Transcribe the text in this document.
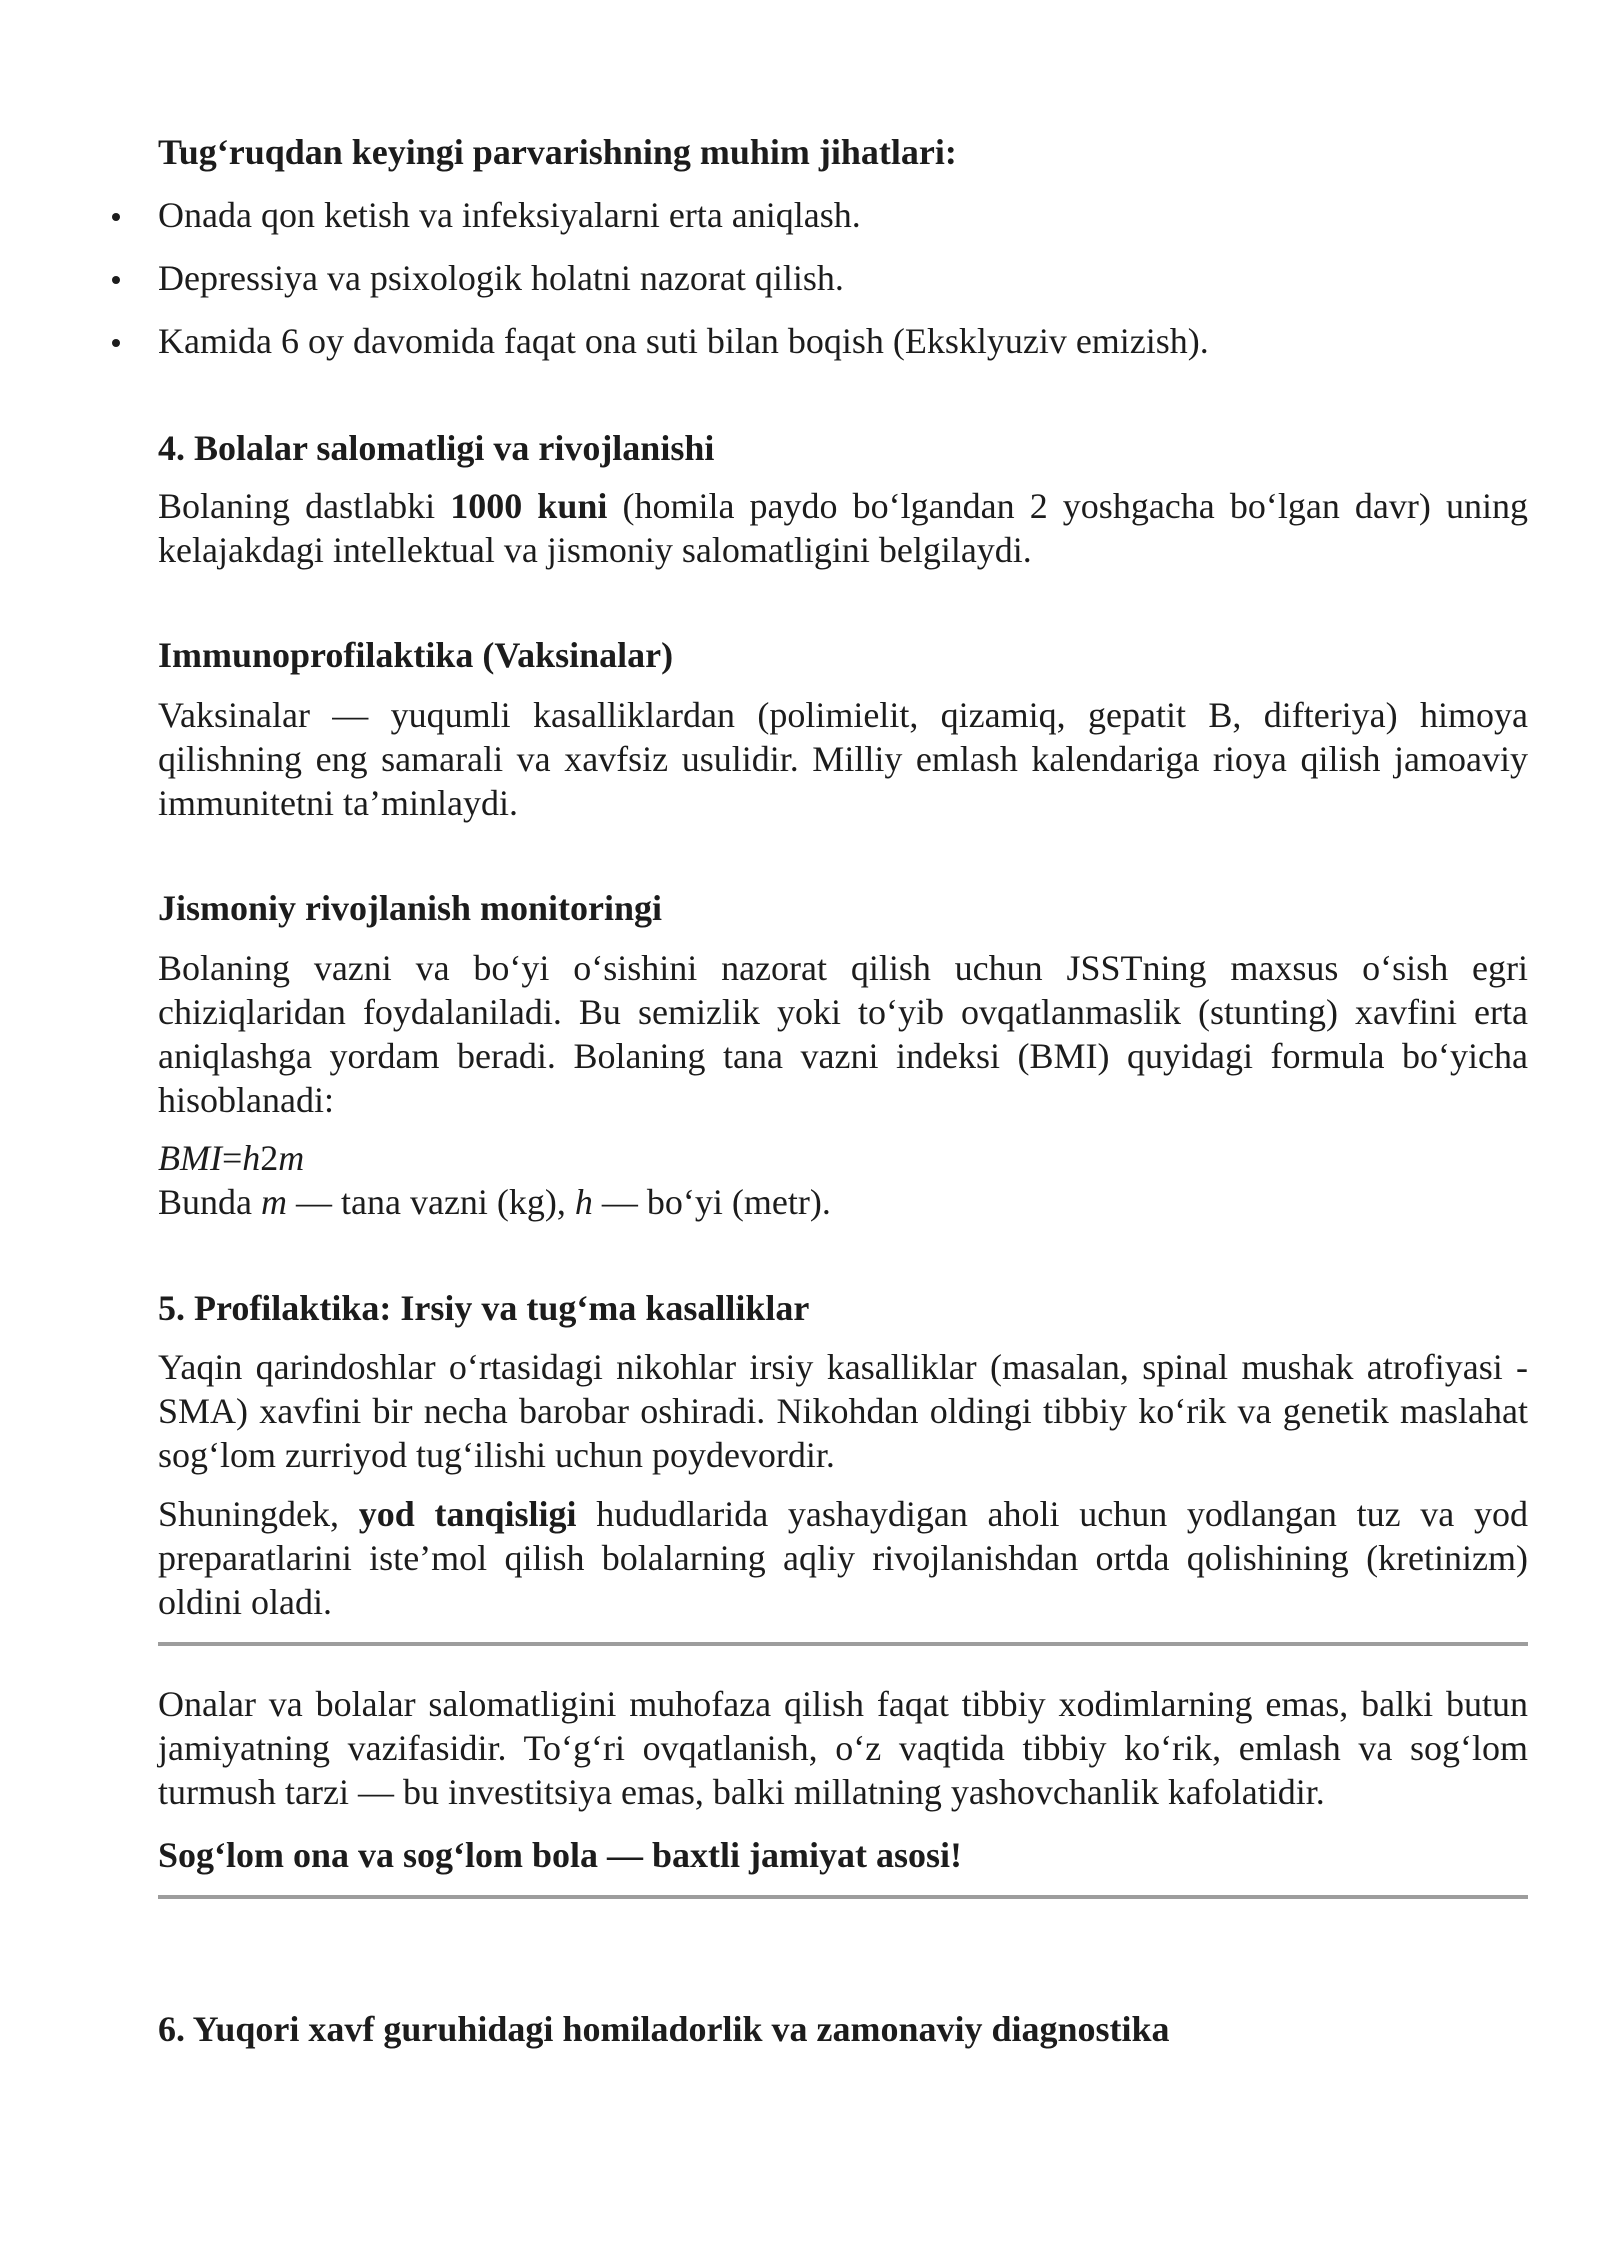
Tug‘ruqdan keyingi parvarishning muhim jihatlari:
Onada qon ketish va infeksiyalarni erta aniqlash.
Depressiya va psixologik holatni nazorat qilish.
Kamida 6 oy davomida faqat ona suti bilan boqish (Eksklyuziv emizish).
4. Bolalar salomatligi va rivojlanishi
Bolaning dastlabki 1000 kuni (homila paydo bo‘lgandan 2 yoshgacha bo‘lgan davr) uning kelajakdagi intellektual va jismoniy salomatligini belgilaydi.
Immunoprofilaktika (Vaksinalar)
Vaksinalar — yuqumli kasalliklardan (polimielit, qizamiq, gepatit B, difteriya) himoya qilishning eng samarali va xavfsiz usulidir. Milliy emlash kalendariga rioya qilish jamoaviy immunitetni ta’minlaydi.
Jismoniy rivojlanish monitoringi
Bolaning vazni va bo‘yi o‘sishini nazorat qilish uchun JSSTning maxsus o‘sish egri chiziqlaridan foydalaniladi. Bu semizlik yoki to‘yib ovqatlanmaslik (stunting) xavfini erta aniqlashga yordam beradi. Bolaning tana vazni indeksi (BMI) quyidagi formula bo‘yicha hisoblanadi:
BMI=h2m
Bunda m — tana vazni (kg), h — bo‘yi (metr).
5. Profilaktika: Irsiy va tug‘ma kasalliklar
Yaqin qarindoshlar o‘rtasidagi nikohlar irsiy kasalliklar (masalan, spinal mushak atrofiyasi - SMA) xavfini bir necha barobar oshiradi. Nikohdan oldingi tibbiy ko‘rik va genetik maslahat sog‘lom zurriyod tug‘ilishi uchun poydevordir.
Shuningdek, yod tanqisligi hududlarida yashaydigan aholi uchun yodlangan tuz va yod preparatlarini iste’mol qilish bolalarning aqliy rivojlanishdan ortda qolishining (kretinizm) oldini oladi.
Onalar va bolalar salomatligini muhofaza qilish faqat tibbiy xodimlarning emas, balki butun jamiyatning vazifasidir. To‘g‘ri ovqatlanish, o‘z vaqtida tibbiy ko‘rik, emlash va sog‘lom turmush tarzi — bu investitsiya emas, balki millatning yashovchanlik kafolatidir.
Sog‘lom ona va sog‘lom bola — baxtli jamiyat asosi!
6. Yuqori xavf guruhidagi homiladorlik va zamonaviy diagnostika
